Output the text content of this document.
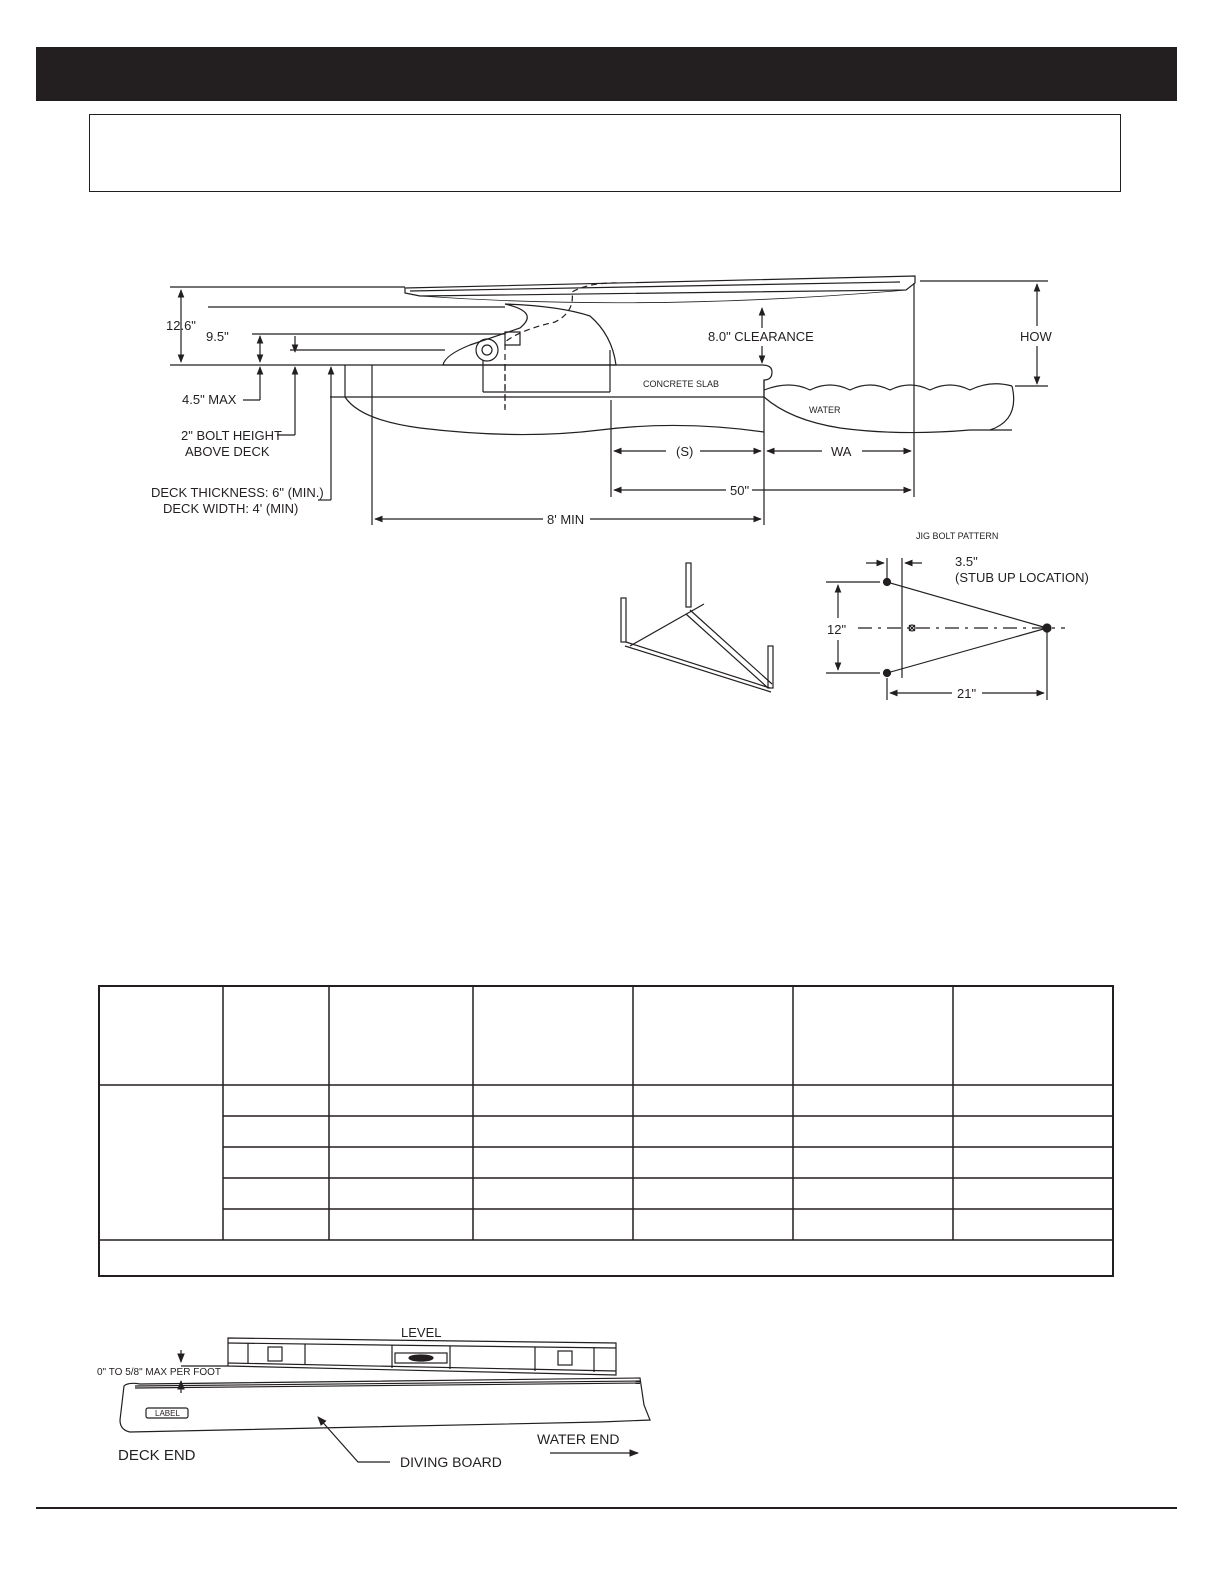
12.6"
9.5"
4.5" MAX
2" BOLT HEIGHT
ABOVE DECK
DECK THICKNESS: 6" (MIN.)
DECK WIDTH: 4' (MIN)
8.0" CLEARANCE	HOW
CONCRETE SLAB
WATER
(S)	WA
50"
8' MIN
JIG BOLT PATTERN
3.5"
(STUB UP LOCATION)
12"
21"
LEVEL
0" TO 5/8" MAX PER FOOT
LABEL
DECK END
WATER END
DIVING BOARD
